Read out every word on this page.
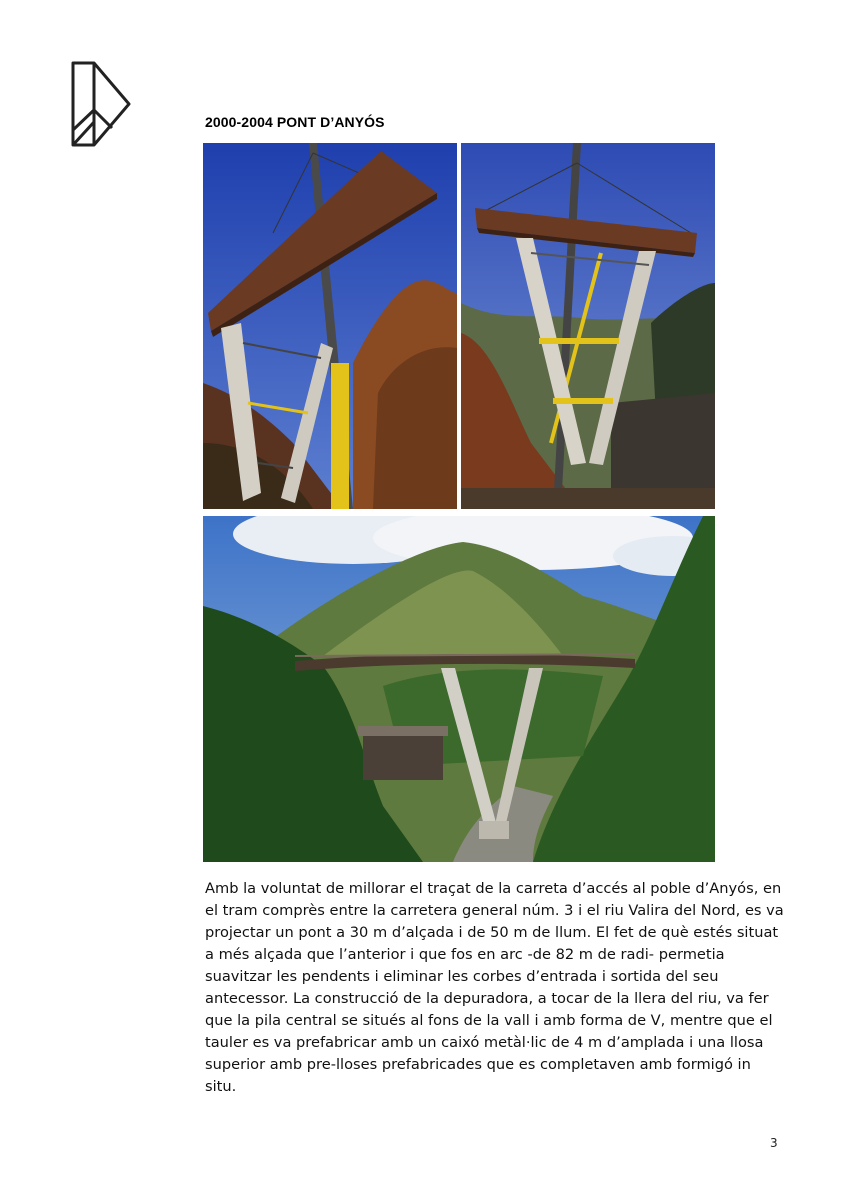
2000-2004 PONT D’ANYÓS

Amb la voluntat de millorar el traçat de la carreta d’accés al poble d’Anyós, en el tram comprès entre la carretera general núm. 3 i el riu Valira del Nord, es va projectar un pont a 30 m d’alçada i de 50 m de llum. El fet de què estés situat a més alçada que l’anterior i que fos en arc -de 82 m de radi- permetia suavitzar les pendents i eliminar les corbes d’entrada i sortida del seu antecessor. La construcció de la depuradora, a tocar de la llera del riu, va fer que la pila central se situés al fons de la vall i amb forma de V, mentre que el tauler es va prefabricar amb un caixó metàl·lic de 4 m d’amplada i una llosa superior amb pre-lloses prefabricades que es completaven amb formigó in situ.

3
